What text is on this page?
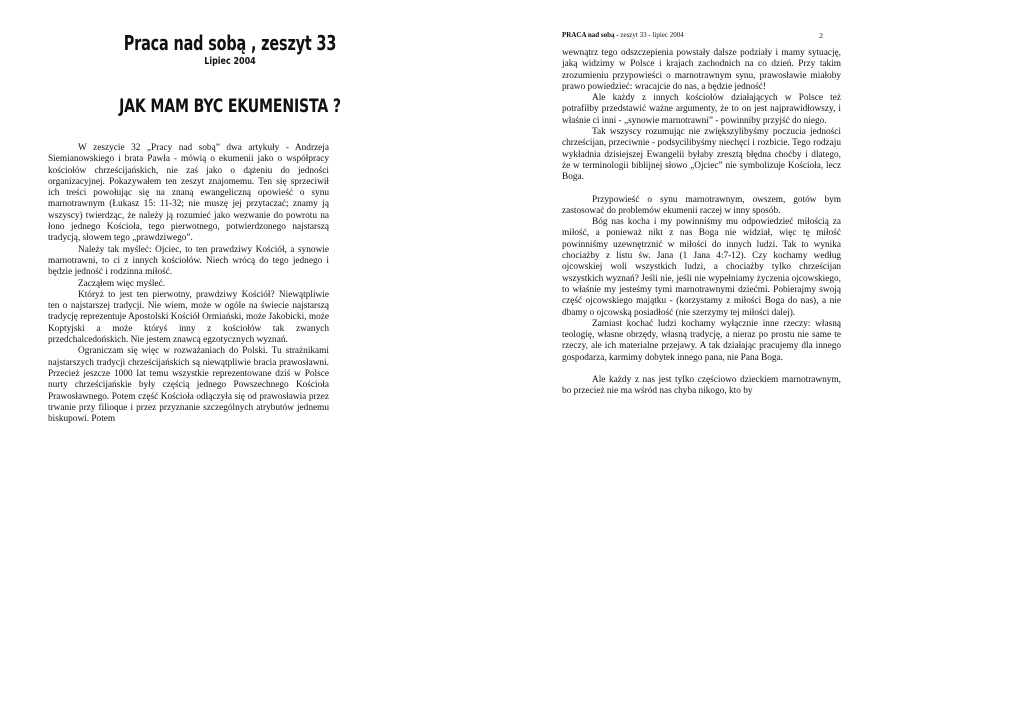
Praca nad sobą , zeszyt 33
Lipiec 2004
JAK MAM BYC EKUMENISTA ?

W zeszycie 32 „Pracy nad sobą” dwa artykuły - Andrzeja Siemianowskiego i brata Pawła - mówią o ekumenii jako o współpracy kościołów chrześcijańskich, nie zaś jako o dążeniu do jedności organizacyjnej. Pokazywałem ten zeszyt znajomemu. Ten się sprzeciwił ich treści powołując się na znaną ewangeliczną opowieść o synu marnotrawnym (Łukasz 15: 11-32; nie muszę jej przytaczać; znamy ją wszyscy) twierdząc, że należy ją rozumieć jako wezwanie do powrotu na łono jednego Kościoła, tego pierwotnego, potwierdzonego najstarszą tradycją, słowem tego „prawdziwego”.

Należy tak myśleć: Ojciec, to ten prawdziwy Kościół, a synowie marnotrawni, to ci z innych kościołów. Niech wrócą do tego jednego i będzie jedność i rodzinna miłość.

Zacząłem więc myśleć.

Któryż to jest ten pierwotny, prawdziwy Kościół? Niewątpliwie ten o najstarszej tradycji. Nie wiem, może w ogóle na świecie najstarszą tradycję reprezentuje Apostolski Kościół Ormiański, może Jakobicki, może Koptyjski a może któryś inny z kościołów tak zwanych przedchalcedońskich. Nie jestem znawcą egzotycznych wyznań.

Ograniczam się więc w rozważaniach do Polski. Tu strażnikami najstarszych tradycji chrześcijańskich są niewątpliwie bracia prawosławni. Przecież jeszcze 1000 lat temu wszystkie reprezentowane dziś w Polsce nurty chrześcijańskie były częścią jednego Powszechnego Kościoła Prawosławnego. Potem część Kościoła odłączyła się od prawosławia przez trwanie przy filioque i przez przyznanie szczególnych atrybutów jednemu biskupowi. Potem

PRACA nad sobą - zeszyt 33 - lipiec 2004	2

wewnątrz tego odszczepienia powstały dalsze podziały i mamy sytuację, jaką widzimy w Polsce i krajach zachodnich na co dzień. Przy takim zrozumieniu przypowieści o marnotrawnym synu, prawosławie miałoby prawo powiedzieć: wracajcie do nas, a będzie jedność!

Ale każdy z innych kościołów działających w Polsce też potrafiłby przedstawić ważne argumenty, że to on jest najprawidłowszy, i właśnie ci inni - „synowie marnotrawni” - powinniby przyjść do niego.

Tak wszyscy rozumując nie zwiększylibyśmy poczucia jedności chrześcijan, przeciwnie - podsycilibyśmy niechęci i rozbicie. Tego rodzaju wykładnia dzisiejszej Ewangelii byłaby zresztą błędna choćby i dlatego, że w terminologii biblijnej słowo „Ojciec” nie symbolizuje Kościoła, lecz Boga.

Przypowieść o synu marnotrawnym, owszem, gotów bym zastosować do problemów ekumenii raczej w inny sposób.

Bóg nas kocha i my powinniśmy mu odpowiedzieć miłością za miłość, a ponieważ nikt z nas Boga nie widział, więc tę miłość powinniśmy uzewnętrznić w miłości do innych ludzi. Tak to wynika chociażby z listu św. Jana (1 Jana 4:7-12). Czy kochamy według ojcowskiej woli wszystkich ludzi, a chociażby tylko chrześcijan wszystkich wyznań? Jeśli nie, jeśli nie wypełniamy życzenia ojcowskiego, to właśnie my jesteśmy tymi marnotrawnymi dziećmi. Pobierajmy swoją część ojcowskiego majątku - (korzystamy z miłości Boga do nas), a nie dbamy o ojcowską posiadłość (nie szerzymy tej miłości dalej).

Zamiast kochać ludzi kochamy wyłącznie inne rzeczy: własną teologię, własne obrzędy, własną tradycję, a nieraz po prostu nie same te rzeczy, ale ich materialne przejawy. A tak działając pracujemy dla innego gospodarza, karmimy dobytek innego pana, nie Pana Boga.

Ale każdy z nas jest tylko częściowo dzieckiem marnotrawnym, bo przecież nie ma wśród nas chyba nikogo, kto by
